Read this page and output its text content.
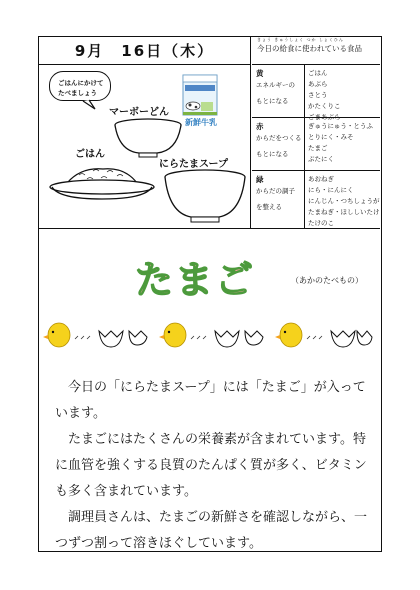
9月　16日（木）
きょう きゅうしょく つか しょくひん
今日の給食に使われている食品
ごはんにかけて
たべましょう
新鮮牛乳
マーボーどん
ごはん
にらたまスープ
黄
エネルギーの
もとになる
ごはん
あぶら
さとう
かたくりこ
ごまあぶら
赤
からだをつくる
もとになる
ぎゅうにゅう・とうふ
とりにく・みそ
たまご
ぶたにく
緑
からだの調子
を整える
あおねぎ
にら・にんにく
にんじん・つちしょうが
たまねぎ・ほししいたけ
たけのこ
たまご	（あかのたべもの）

今日の「にらたまスープ」には「たまご」が入っています。

たまごにはたくさんの栄養素が含まれています。特に血管を強くする良質のたんぱく質が多く、ビタミンも多く含まれています。

調理員さんは、たまごの新鮮さを確認しながら、一つずつ割って溶きほぐしています。
